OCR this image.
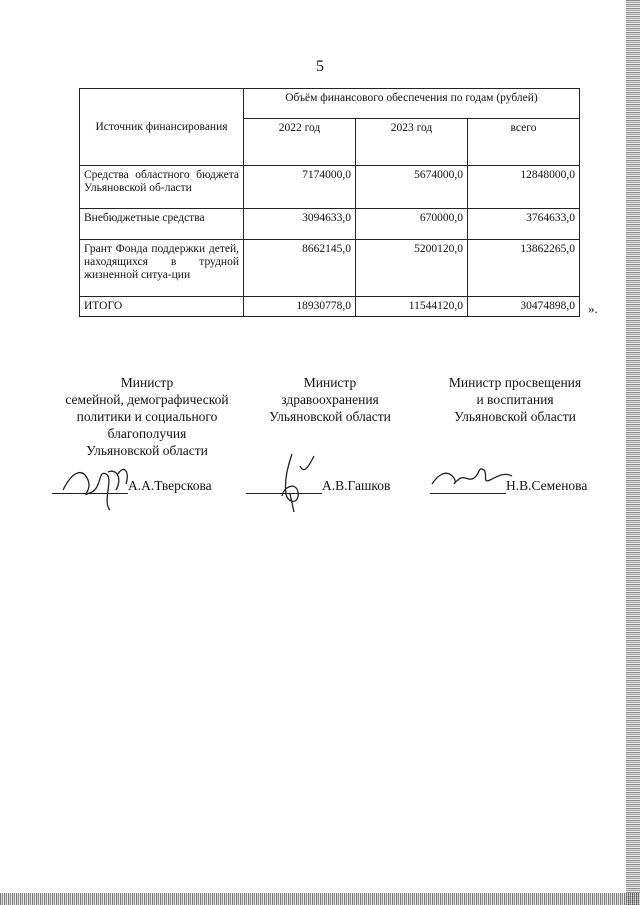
5
Источник финансирования	Объём финансового обеспечения по годам (рублей)		
	2022 год	2023 год	всего
Средства областного бюджета Ульяновской об-ласти	7174000,0	5674000,0	12848000,0
Внебюджетные средства	3094633,0	670000,0	3764633,0
Грант Фонда поддержки детей, находящихся в трудной жизненной ситуа-ции	8662145,0	5200120,0	13862265,0
ИТОГО	18930778,0	11544120,0	30474898,0 ».
Министр
семейной, демографической
политики и социального
благополучия
Ульяновской области
А.А.Тверскова
Министр
здравоохранения
Ульяновской области
А.В.Гашков
Министр просвещения
и воспитания
Ульяновской области
Н.В.Семенова
